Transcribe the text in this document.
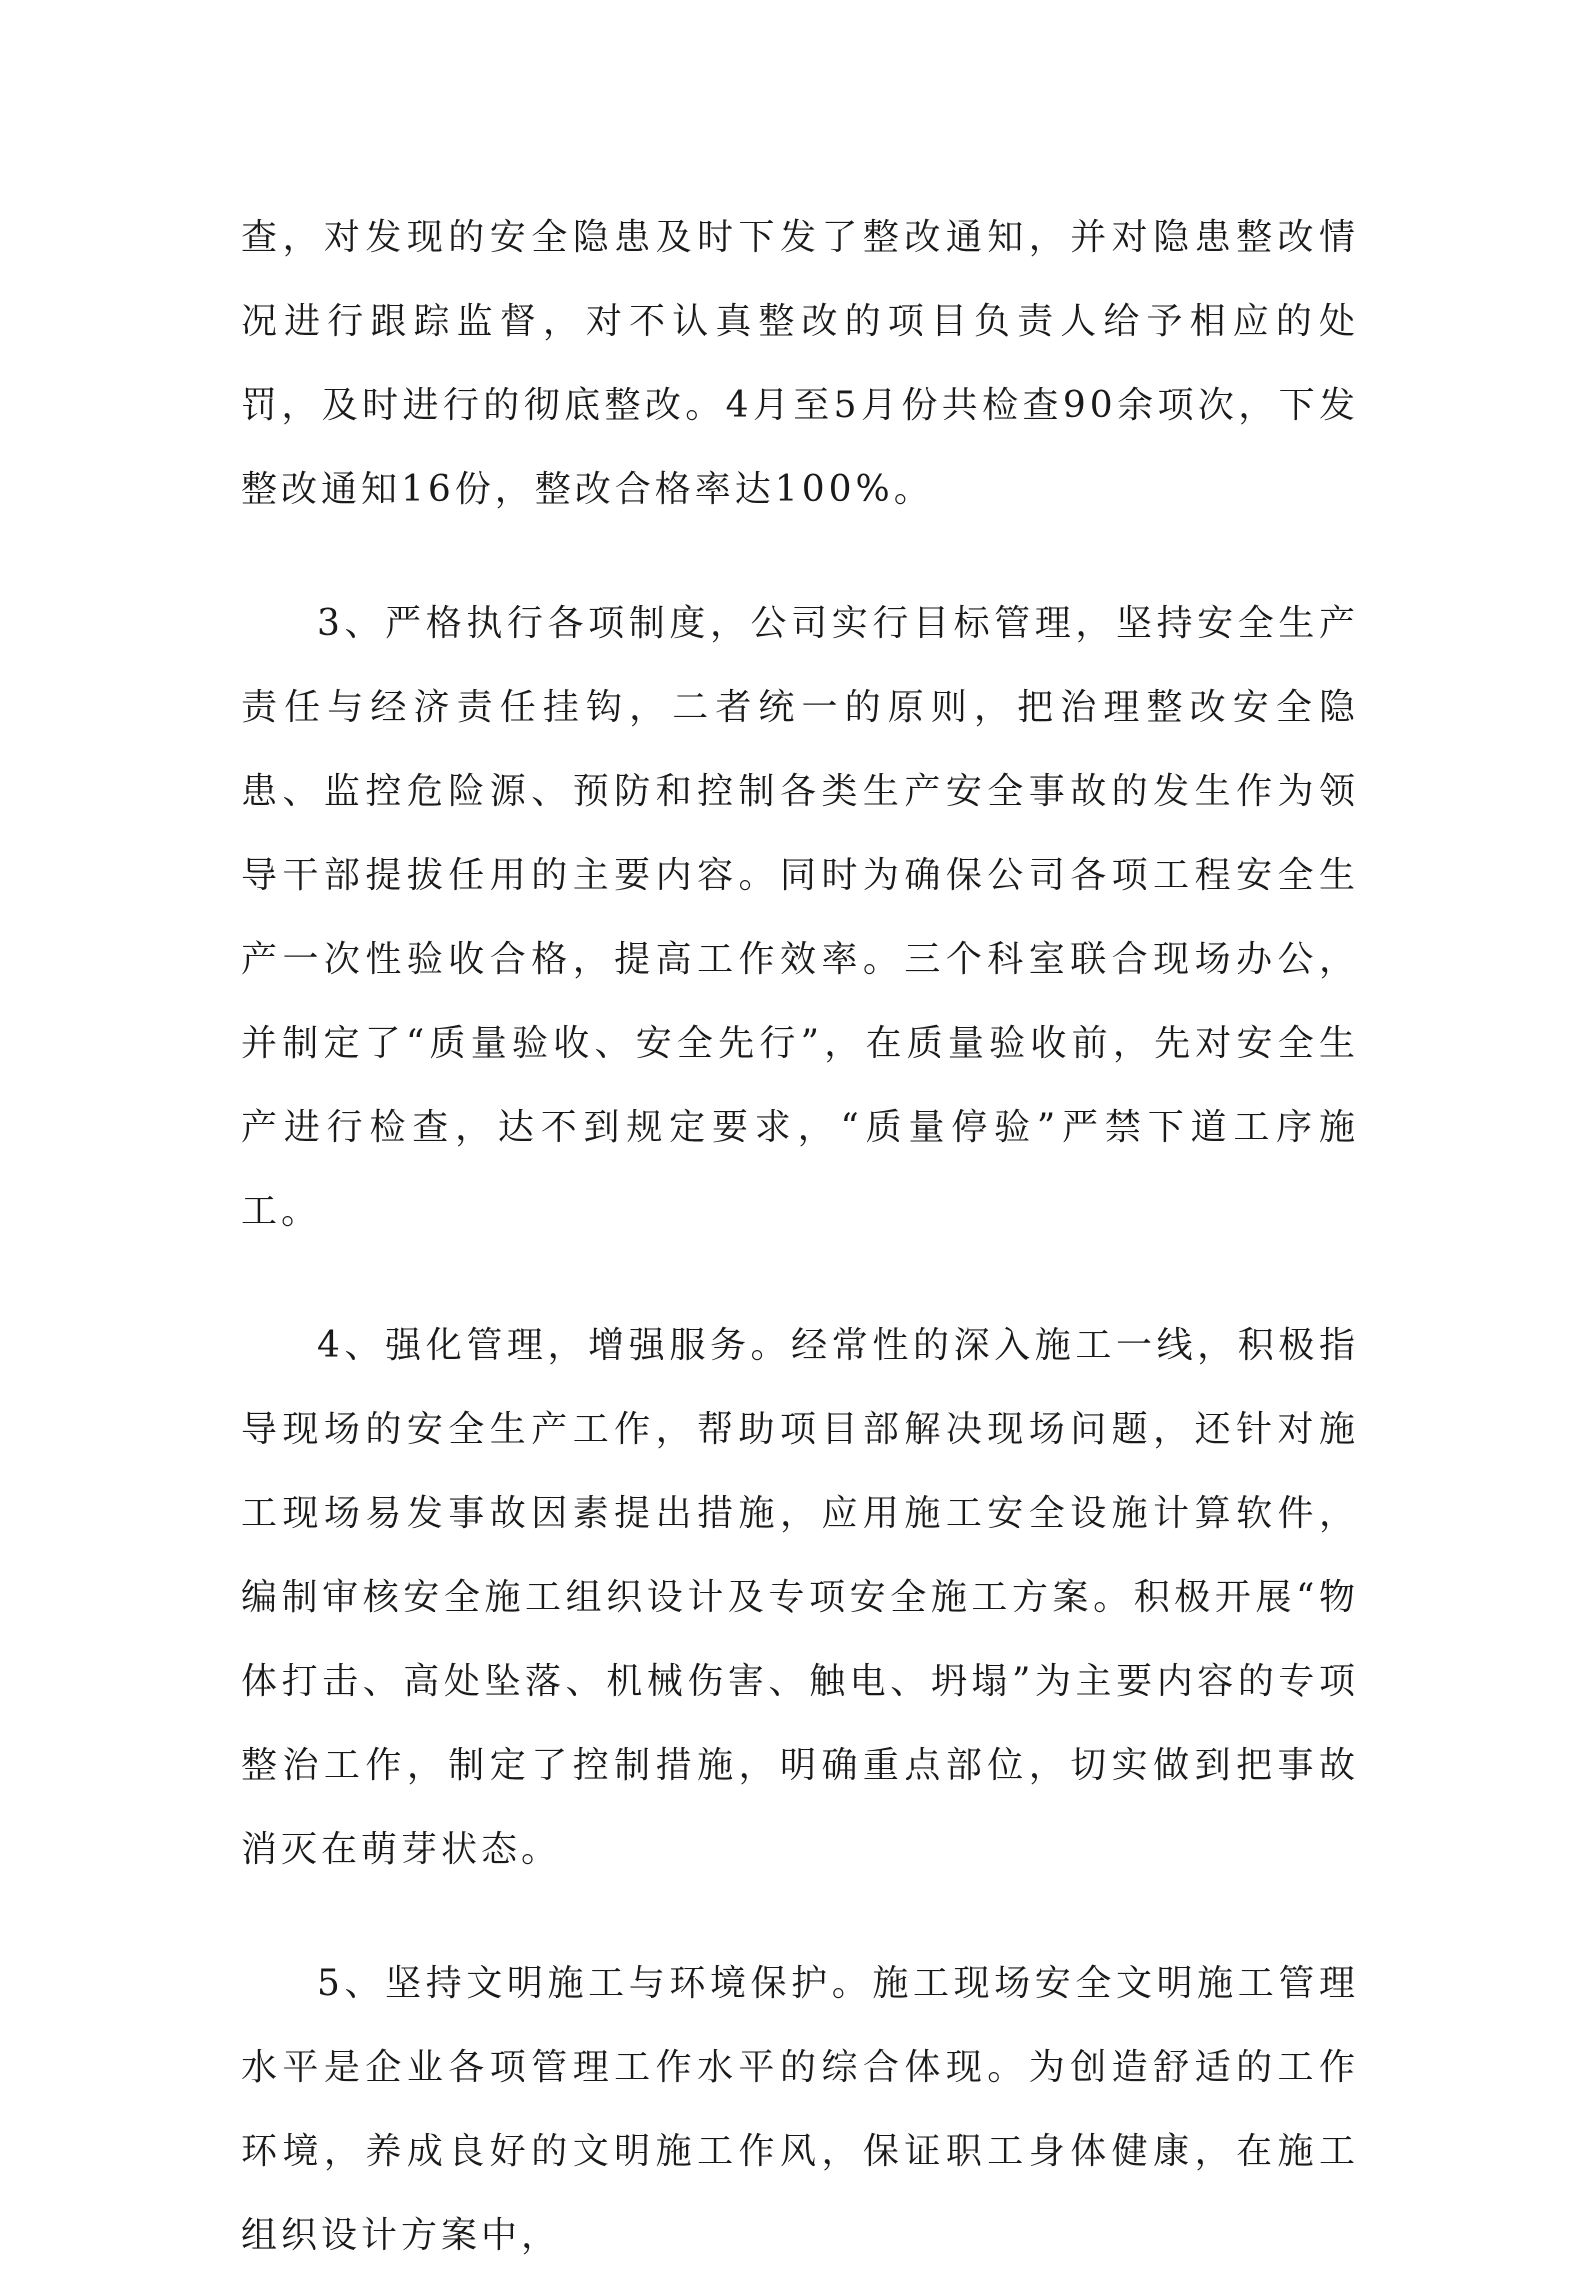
查，对发现的安全隐患及时下发了整改通知，并对隐患整改情况进行跟踪监督，对不认真整改的项目负责人给予相应的处罚，及时进行的彻底整改。4月至5月份共检查90余项次，下发整改通知16份，整改合格率达100%。

3、严格执行各项制度，公司实行目标管理，坚持安全生产责任与经济责任挂钩，二者统一的原则，把治理整改安全隐患、监控危险源、预防和控制各类生产安全事故的发生作为领导干部提拔任用的主要内容。同时为确保公司各项工程安全生产一次性验收合格，提高工作效率。三个科室联合现场办公，并制定了“质量验收、安全先行”，在质量验收前，先对安全生产进行检查，达不到规定要求，“质量停验”严禁下道工序施工。

4、强化管理，增强服务。经常性的深入施工一线，积极指导现场的安全生产工作，帮助项目部解决现场问题，还针对施工现场易发事故因素提出措施，应用施工安全设施计算软件，编制审核安全施工组织设计及专项安全施工方案。积极开展“物体打击、高处坠落、机械伤害、触电、坍塌”为主要内容的专项整治工作，制定了控制措施，明确重点部位，切实做到把事故消灭在萌芽状态。

5、坚持文明施工与环境保护。施工现场安全文明施工管理水平是企业各项管理工作水平的综合体现。为创造舒适的工作环境，养成良好的文明施工作风，保证职工身体健康，在施工组织设计方案中，
